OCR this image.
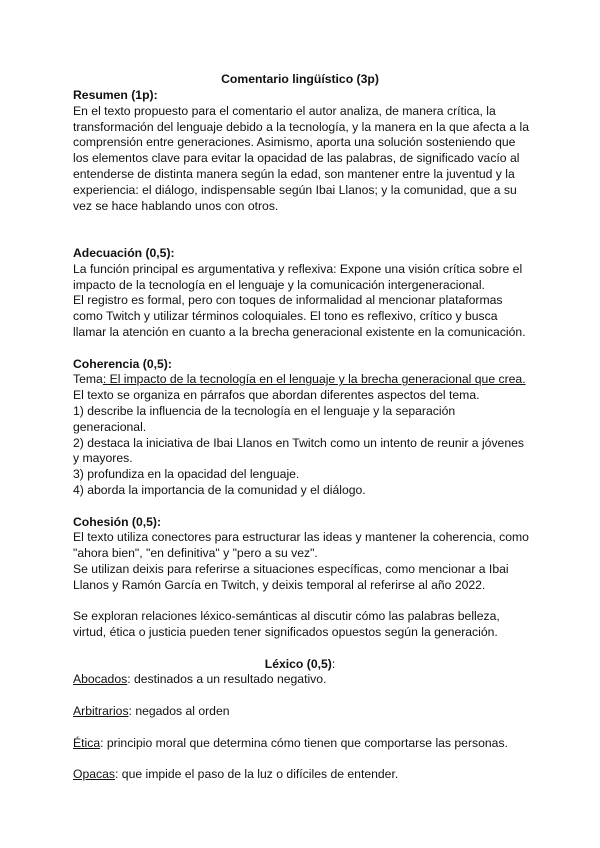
Comentario lingüístico (3p)

Resumen (1p):

En el texto propuesto para el comentario el autor analiza, de manera crítica, la

transformación del lenguaje debido a la tecnología, y la manera en la que afecta a la

comprensión entre generaciones. Asimismo, aporta una solución sosteniendo que

los elementos clave para evitar la opacidad de las palabras, de significado vacío al

entenderse de distinta manera según la edad, son mantener entre la juventud y la

experiencia: el diálogo, indispensable según Ibai Llanos; y la comunidad, que a su

vez se hace hablando unos con otros.

Adecuación (0,5):

La función principal es argumentativa y reflexiva: Expone una visión crítica sobre el

impacto de la tecnología en el lenguaje y la comunicación intergeneracional.

El registro es formal, pero con toques de informalidad al mencionar plataformas

como Twitch y utilizar términos coloquiales. El tono es reflexivo, crítico y busca

llamar la atención en cuanto a la brecha generacional existente en la comunicación.

Coherencia (0,5):

Tema: El impacto de la tecnología en el lenguaje y la brecha generacional que crea.

El texto se organiza en párrafos que abordan diferentes aspectos del tema.

1) describe la influencia de la tecnología en el lenguaje y la separación

generacional.

2) destaca la iniciativa de Ibai Llanos en Twitch como un intento de reunir a jóvenes

y mayores.

3) profundiza en la opacidad del lenguaje.

4) aborda la importancia de la comunidad y el diálogo.

Cohesión (0,5):

El texto utiliza conectores para estructurar las ideas y mantener la coherencia, como

"ahora bien", "en definitiva" y "pero a su vez".

Se utilizan deixis para referirse a situaciones específicas, como mencionar a Ibai

Llanos y Ramón García en Twitch, y deixis temporal al referirse al año 2022.

Se exploran relaciones léxico-semánticas al discutir cómo las palabras belleza,

virtud, ética o justicia pueden tener significados opuestos según la generación.

Léxico (0,5):

Abocados: destinados a un resultado negativo.

Arbitrarios: negados al orden

Ética: principio moral que determina cómo tienen que comportarse las personas.

Opacas: que impide el paso de la luz o difíciles de entender.
